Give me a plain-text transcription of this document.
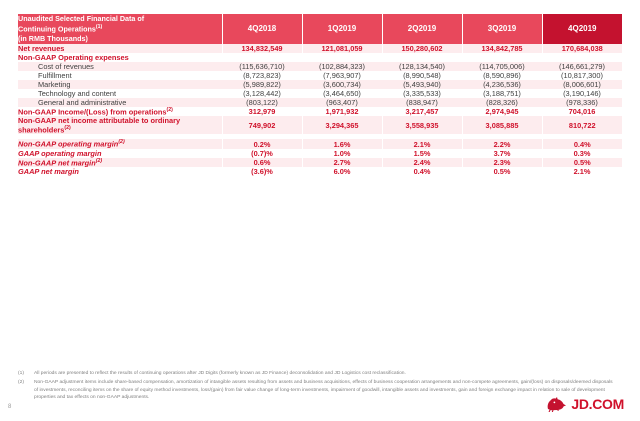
Unaudited Selected Financial Data of
Continuing Operations$^{(1)}$
(in RMB Thousands)	4Q2018	1Q2019	2Q2019	3Q2019	4Q2019
Net revenues	134,832,549	121,081,059	150,280,602	134,842,785	170,684,038
Non-GAAP Operating expenses					
Cost of revenues	(115,636,710)	(102,884,323)	(128,134,540)	(114,705,006)	(146,661,279)
Fulfillment	(8,723,823)	(7,963,907)	(8,990,548)	(8,590,896)	(10,817,300)
Marketing	(5,989,822)	(3,600,734)	(5,493,940)	(4,236,536)	(8,006,601)
Technology and content	(3,128,442)	(3,464,650)	(3,335,533)	(3,188,751)	(3,190,146)
General and administrative	(803,122)	(963,407)	(838,947)	(828,326)	(978,336)
Non-GAAP Income/(Loss) from operations$^{(2)}$	312,979	1,971,932	3,217,457	2,974,945	704,016
Non-GAAP net income attributable to ordinary shareholders$^{(2)}$	749,902	3,294,365	3,558,935	3,085,885	810,722

Non-GAAP operating margin$^{(2)}$	0.2%	1.6%	2.1%	2.2%	0.4%
GAAP operating margin	(0.7)%	1.0%	1.5%	3.7%	0.3%
Non-GAAP net margin$^{(2)}$	0.6%	2.7%	2.4%	2.3%	0.5%
GAAP net margin	(3.6)%	6.0%	0.4%	0.5%	2.1%
(1)	All periods are presented to reflect the results of continuing operations after JD Digits (formerly known as JD Finance) deconsolidation and JD Logistics cost reclassification.
(2)	Non-GAAP adjustment items include share-based compensation, amortization of intangible assets resulting from assets and business acquisitions, effects of business cooperation arrangements and non-compete agreements, gain/(loss) on disposals/deemed disposals of investments, reconciling items on the share of equity method investments, loss/(gain) from fair value change of long-term investments, impairment of goodwill, intangible assets and investments, gain and foreign exchange impact in relation to sale of development properties and tax effects on non-GAAP adjustments.
8	JD.COM
